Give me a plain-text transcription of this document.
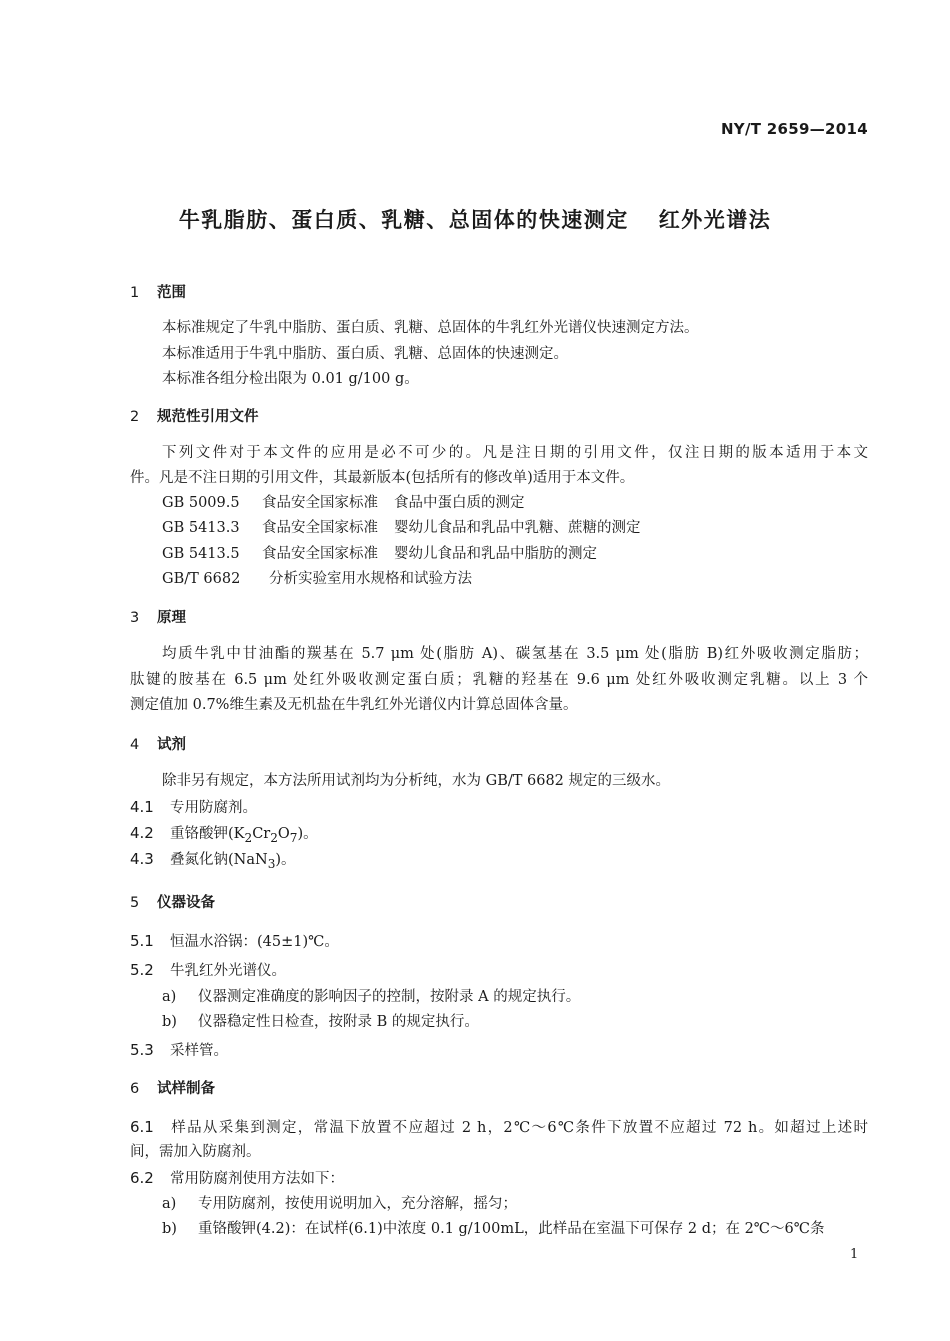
NY/T 2659—2014
牛乳脂肪、蛋白质、乳糖、总固体的快速测定 红外光谱法
1 范围
本标准规定了牛乳中脂肪、蛋白质、乳糖、总固体的牛乳红外光谱仪快速测定方法。
本标准适用于牛乳中脂肪、蛋白质、乳糖、总固体的快速测定。
本标准各组分检出限为 0.01 g/100 g。
2 规范性引用文件
下列文件对于本文件的应用是必不可少的。凡是注日期的引用文件，仅注日期的版本适用于本文
件。凡是不注日期的引用文件，其最新版本(包括所有的修改单)适用于本文件。
GB 5009.5 食品安全国家标准 食品中蛋白质的测定
GB 5413.3 食品安全国家标准 婴幼儿食品和乳品中乳糖、蔗糖的测定
GB 5413.5 食品安全国家标准 婴幼儿食品和乳品中脂肪的测定
GB/T 6682 分析实验室用水规格和试验方法
3 原理
均质牛乳中甘油酯的羰基在 5.7 μm 处(脂肪 A)、碳氢基在 3.5 μm 处(脂肪 B)红外吸收测定脂肪；
肽键的胺基在 6.5 μm 处红外吸收测定蛋白质；乳糖的羟基在 9.6 μm 处红外吸收测定乳糖。以上 3 个
测定值加 0.7%维生素及无机盐在牛乳红外光谱仪内计算总固体含量。
4 试剂
除非另有规定，本方法所用试剂均为分析纯，水为 GB/T 6682 规定的三级水。
4.1 专用防腐剂。
4.2 重铬酸钾$(K_2Cr_2O_7)$。
4.3 叠氮化钠(NaN$_3$)。
5 仪器设备
5.1 恒温水浴锅：(45±1)℃。
5.2 牛乳红外光谱仪。
a) 仪器测定准确度的影响因子的控制，按附录 A 的规定执行。
b) 仪器稳定性日检查，按附录 B 的规定执行。
5.3 采样管。
6 试样制备
6.1 样品从采集到测定，常温下放置不应超过 2 h，2℃～6℃条件下放置不应超过 72 h。如超过上述时
间，需加入防腐剂。
6.2 常用防腐剂使用方法如下：
a) 专用防腐剂，按使用说明加入，充分溶解，摇匀；
b) 重铬酸钾(4.2)：在试样(6.1)中浓度 0.1 g/100mL，此样品在室温下可保存 2 d；在 2℃～6℃条
1
